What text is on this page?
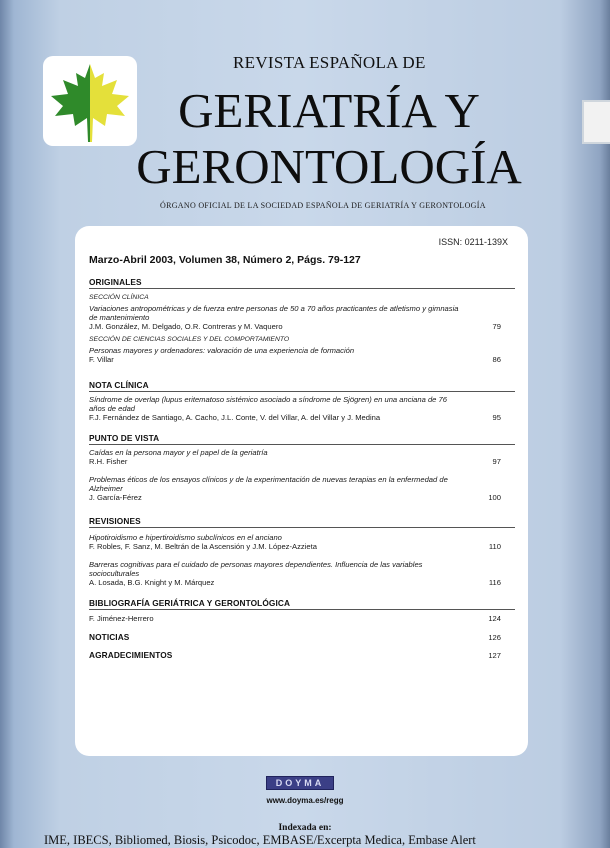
REVISTA ESPAÑOLA DE
GERIATRÍA Y
GERONTOLOGÍA
ÓRGANO OFICIAL DE LA SOCIEDAD ESPAÑOLA DE GERIATRÍA Y GERONTOLOGÍA
ISSN: 0211-139X
Marzo-Abril 2003, Volumen 38, Número 2, Págs. 79-127
ORIGINALES
SECCIÓN CLÍNICA
Variaciones antropométricas y de fuerza entre personas de 50 a 70 años practicantes de atletismo y gimnasia de mantenimiento
J.M. González, M. Delgado, O.R. Contreras y M. Vaquero	79
SECCIÓN DE CIENCIAS SOCIALES Y DEL COMPORTAMIENTO
Personas mayores y ordenadores: valoración de una experiencia de formación
F. Villar	86
NOTA CLÍNICA
Síndrome de overlap (lupus eritematoso sistémico asociado a síndrome de Sjögren) en una anciana de 76 años de edad
F.J. Fernández de Santiago, A. Cacho, J.L. Conte, V. del Villar, A. del Villar y J. Medina	95
PUNTO DE VISTA
Caídas en la persona mayor y el papel de la geriatría
R.H. Fisher	97
Problemas éticos de los ensayos clínicos y de la experimentación de nuevas terapias en la enfermedad de Alzheimer
J. García-Férez	100
REVISIONES
Hipotiroidismo e hipertiroidismo subclínicos en el anciano
F. Robles, F. Sanz, M. Beltrán de la Ascensión y J.M. López-Azzieta	110
Barreras cognitivas para el cuidado de personas mayores dependientes. Influencia de las variables socioculturales
A. Losada, B.G. Knight y M. Márquez	116
BIBLIOGRAFÍA GERIÁTRICA Y GERONTOLÓGICA
F. Jiménez-Herrero	124
NOTICIAS	126
AGRADECIMIENTOS	127
DOYMA
www.doyma.es/regg
Indexada en:
IME, IBECS, Bibliomed, Biosis, Psicodoc, EMBASE/Excerpta Medica, Embase Alert
